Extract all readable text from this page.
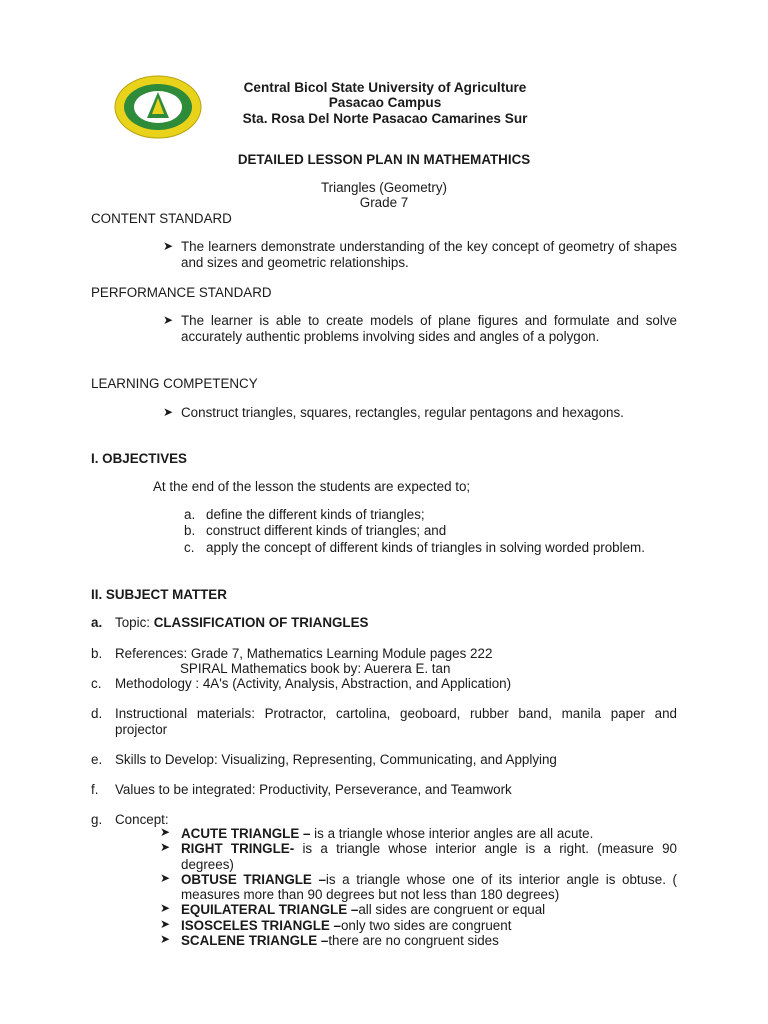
Central Bicol State University of Agriculture
Pasacao Campus
Sta. Rosa Del Norte Pasacao Camarines Sur
DETAILED LESSON PLAN IN MATHEMATHICS
Triangles (Geometry)
Grade 7
CONTENT STANDARD
➤ The learners demonstrate understanding of the key concept of geometry of shapes and sizes and geometric relationships.
PERFORMANCE STANDARD
➤ The learner is able to create models of plane figures and formulate and solve accurately authentic problems involving sides and angles of a polygon.
LEARNING COMPETENCY
➤ Construct triangles, squares, rectangles, regular pentagons and hexagons.
I. OBJECTIVES
At the end of the lesson the students are expected to;
a. define the different kinds of triangles;
b. construct different kinds of triangles; and
c. apply the concept of different kinds of triangles in solving worded problem.
II. SUBJECT MATTER
a. Topic: CLASSIFICATION OF TRIANGLES
b. References: Grade 7, Mathematics Learning Module pages 222
SPIRAL Mathematics book by: Auerera E. tan
c.	Methodology : 4A's (Activity, Analysis, Abstraction, and Application)
d. Instructional materials: Protractor, cartolina, geoboard, rubber band, manila paper and projector
e. Skills to Develop: Visualizing, Representing, Communicating, and Applying
f.	Values to be integrated: Productivity, Perseverance, and Teamwork
g. Concept:
➤ ACUTE TRIANGLE – is a triangle whose interior angles are all acute.
➤ RIGHT TRINGLE- is a triangle whose interior angle is a right. (measure 90 degrees)
➤ OBTUSE TRIANGLE –is a triangle whose one of its interior angle is obtuse. ( measures more than 90 degrees but not less than 180 degrees)
➤ EQUILATERAL TRIANGLE –all sides are congruent or equal
➤ ISOSCELES TRIANGLE –only two sides are congruent
➤ SCALENE TRIANGLE –there are no congruent sides
